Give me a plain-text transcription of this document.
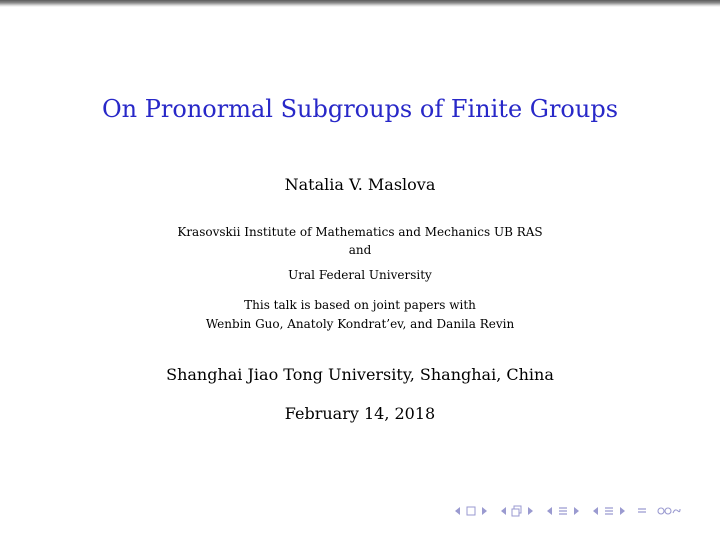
On Pronormal Subgroups of Finite Groups
Natalia V. Maslova
Krasovskii Institute of Mathematics and Mechanics UB RAS
and
Ural Federal University
This talk is based on joint papers with
Wenbin Guo, Anatoly Kondrat’ev, and Danila Revin
Shanghai Jiao Tong University, Shanghai, China
February 14, 2018
